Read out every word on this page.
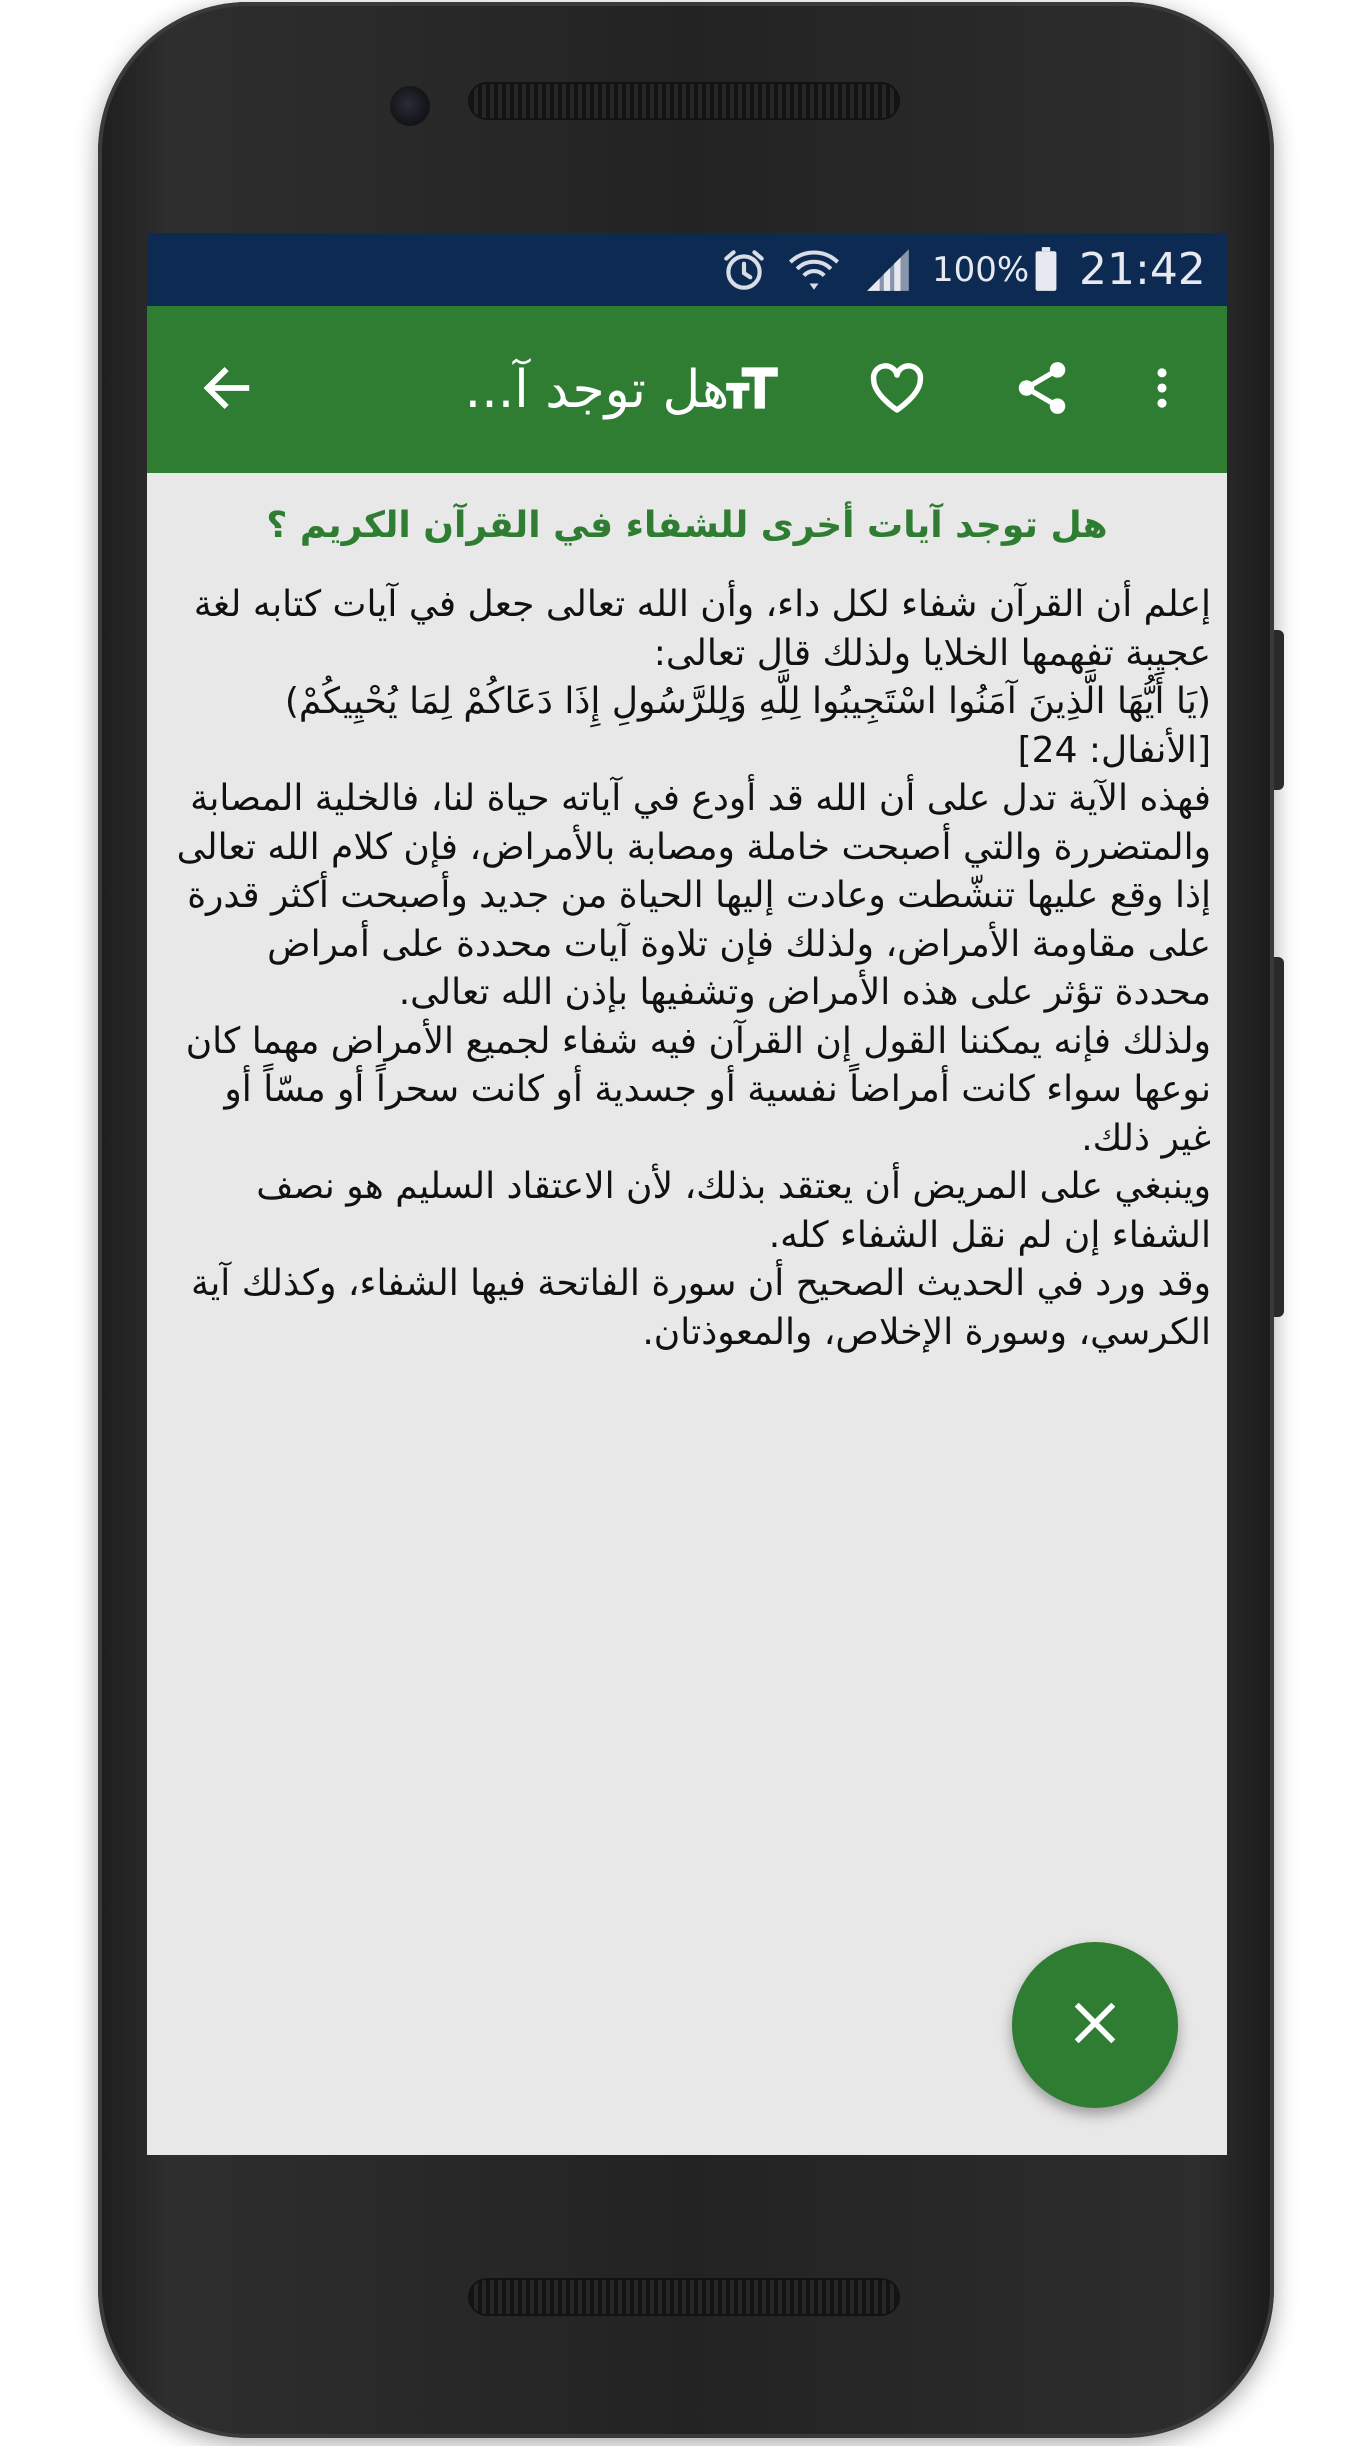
100% 21:42
هل توجد آ...
هل توجد آيات أخرى للشفاء في القرآن الكريم ؟

إعلم أن القرآن شفاء لكل داء، وأن الله تعالى جعل في آيات كتابه لغة عجيبة تفهمها الخلايا ولذلك قال تعالى:

(يَا أَيُّهَا الَّذِينَ آمَنُوا اسْتَجِيبُوا لِلَّهِ وَلِلرَّسُولِ إِذَا دَعَاكُمْ لِمَا يُحْيِيكُمْ)

[الأنفال: 24]

فهذه الآية تدل على أن الله قد أودع في آياته حياة لنا، فالخلية المصابة والمتضررة والتي أصبحت خاملة ومصابة بالأمراض، فإن كلام الله تعالى إذا وقع عليها تنشّطت وعادت إليها الحياة من جديد وأصبحت أكثر قدرة على مقاومة الأمراض، ولذلك فإن تلاوة آيات محددة على أمراض محددة تؤثر على هذه الأمراض وتشفيها بإذن الله تعالى.

ولذلك فإنه يمكننا القول إن القرآن فيه شفاء لجميع الأمراض مهما كان نوعها سواء كانت أمراضاً نفسية أو جسدية أو كانت سحراً أو مسّاً أو غير ذلك.

وينبغي على المريض أن يعتقد بذلك، لأن الاعتقاد السليم هو نصف الشفاء إن لم نقل الشفاء كله.

وقد ورد في الحديث الصحيح أن سورة الفاتحة فيها الشفاء، وكذلك آية الكرسي، وسورة الإخلاص، والمعوذتان.
